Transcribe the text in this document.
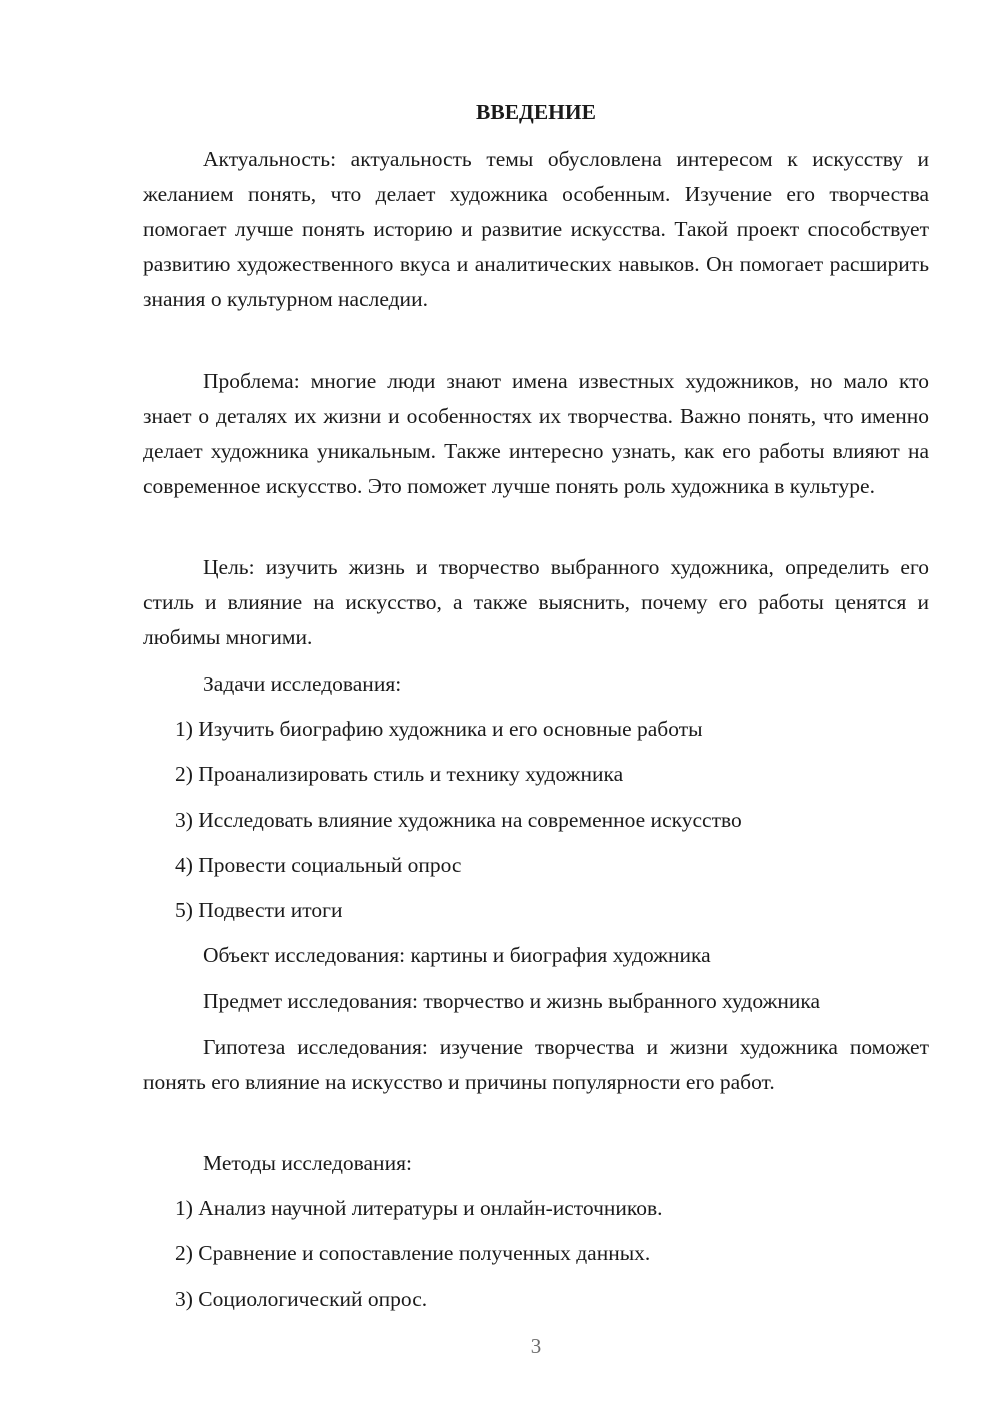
ВВЕДЕНИЕ

Актуальность: актуальность темы обусловлена интересом к искусству и желанием понять, что делает художника особенным. Изучение его творчества помогает лучше понять историю и развитие искусства. Такой проект способствует развитию художественного вкуса и аналитических навыков. Он помогает расширить знания о культурном наследии.

Проблема: многие люди знают имена известных художников, но мало кто знает о деталях их жизни и особенностях их творчества. Важно понять, что именно делает художника уникальным. Также интересно узнать, как его работы влияют на современное искусство. Это поможет лучше понять роль художника в культуре.

Цель: изучить жизнь и творчество выбранного художника, определить его стиль и влияние на искусство, а также выяснить, почему его работы ценятся и любимы многими.

Задачи исследования:

1) Изучить биографию художника и его основные работы

2) Проанализировать стиль и технику художника

3) Исследовать влияние художника на современное искусство

4) Провести социальный опрос

5) Подвести итоги

Объект исследования: картины и биография художника

Предмет исследования: творчество и жизнь выбранного художника

Гипотеза исследования: изучение творчества и жизни художника поможет понять его влияние на искусство и причины популярности его работ.

Методы исследования:

1) Анализ научной литературы и онлайн-источников.

2) Сравнение и сопоставление полученных данных.

3) Социологический опрос.

3
